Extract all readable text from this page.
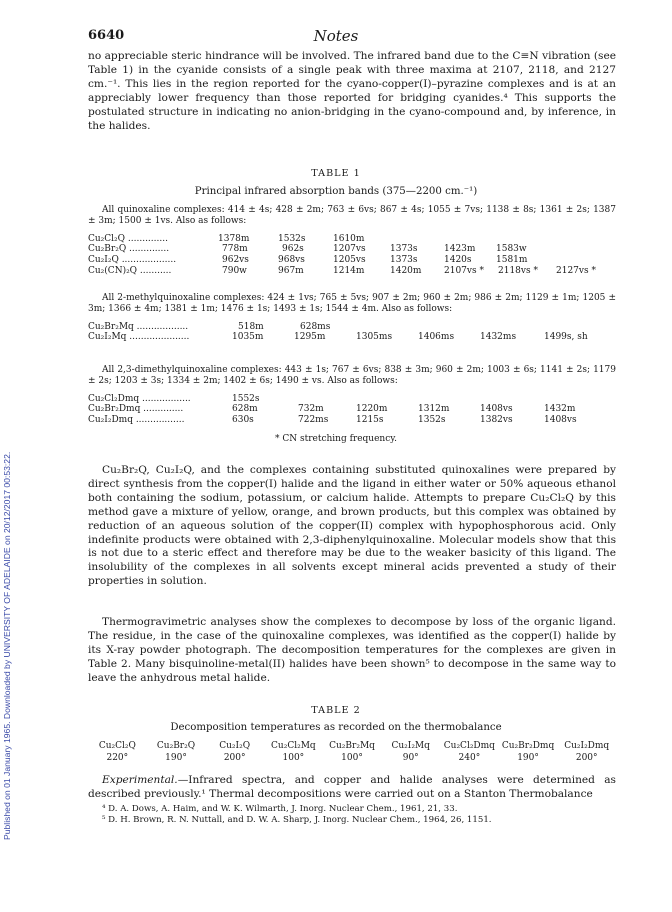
Published on 01 January 1965. Downloaded by UNIVERSITY OF ADELAIDE on 20/12/2017 00:53:22.
6640	Notes

no appreciable steric hindrance will be involved. The infrared band due to the C≡N vibration (see Table 1) in the cyanide consists of a single peak with three maxima at 2107, 2118, and 2127 cm.⁻¹. This lies in the region reported for the cyano-copper(I)–pyrazine complexes and is at an appreciably lower frequency than those reported for bridging cyanides.⁴ This supports the postulated structure in indicating no anion-bridging in the cyano-compound and, by inference, in the halides.

TABLE 1
Principal infrared absorption bands (375—2200 cm.⁻¹)
All quinoxaline complexes: 414 ± 4s; 428 ± 2m; 763 ± 6vs; 867 ± 4s; 1055 ± 7vs; 1138 ± 8s; 1361 ± 2s; 1387 ± 3m; 1500 ± 1vs. Also as follows:
Cu₂Cl₂Q ..............	1378m	1532s	1610m
Cu₂Br₂Q ..............	778m	962s	1207vs	1373s	1423m 1583w
Cu₂I₂Q ...................	962vs	968vs	1205vs	1373s	1420s	1581m
Cu₂(CN)₂Q ...........	790w	967m	1214m	1420m	2107vs * 2118vs * 2127vs *
All 2-methylquinoxaline complexes: 424 ± 1vs; 765 ± 5vs; 907 ± 2m; 960 ± 2m; 986 ± 2m; 1129 ± 1m; 1205 ± 3m; 1366 ± 4m; 1381 ± 1m; 1476 ± 1s; 1493 ± 1s; 1544 ± 4m. Also as follows:
Cu₂Br₂Mq ..................	518m	628ms
Cu₂I₂Mq .....................	1035m	1295m	1305ms	1406ms	1432ms	1499s, sh
All 2,3-dimethylquinoxaline complexes: 443 ± 1s; 767 ± 6vs; 838 ± 3m; 960 ± 2m; 1003 ± 6s; 1141 ± 2s; 1179 ± 2s; 1203 ± 3s; 1334 ± 2m; 1402 ± 6s; 1490 ± vs. Also as follows:
Cu₂Cl₂Dmq .................	1552s
Cu₂Br₂Dmq ..............	628m	732m	1220m	1312m	1408vs	1432m
Cu₂I₂Dmq .................	630s	722ms	1215s	1352s	1382vs	1408vs
* CN stretching frequency.

Cu₂Br₂Q, Cu₂I₂Q, and the complexes containing substituted quinoxalines were prepared by direct synthesis from the copper(I) halide and the ligand in either water or 50% aqueous ethanol both containing the sodium, potassium, or calcium halide. Attempts to prepare Cu₂Cl₂Q by this method gave a mixture of yellow, orange, and brown products, but this complex was obtained by reduction of an aqueous solution of the copper(II) complex with hypophosphorous acid. Only indefinite products were obtained with 2,3-diphenylquinoxaline. Molecular models show that this is not due to a steric effect and therefore may be due to the weaker basicity of this ligand. The insolubility of the complexes in all solvents except mineral acids prevented a study of their properties in solution.

Thermogravimetric analyses show the complexes to decompose by loss of the organic ligand. The residue, in the case of the quinoxaline complexes, was identified as the copper(I) halide by its X-ray powder photograph. The decomposition temperatures for the complexes are given in Table 2. Many bisquinoline-metal(II) halides have been shown⁵ to decompose in the same way to leave the anhydrous metal halide.

TABLE 2
Decomposition temperatures as recorded on the thermobalance
Cu₂Cl₂Q	Cu₂Br₂Q	Cu₂I₂Q	Cu₂Cl₂Mq	Cu₂Br₂Mq	Cu₂I₂Mq	Cu₂Cl₂Dmq Cu₂Br₂Dmq	Cu₂I₂Dmq
220°	190°	200°	100°	100°	90°	240°	190°	200°

Experimental.—Infrared spectra, and copper and halide analyses were determined as described previously.¹ Thermal decompositions were carried out on a Stanton Thermobalance

⁴ D. A. Dows, A. Haim, and W. K. Wilmarth, J. Inorg. Nuclear Chem., 1961, 21, 33.
⁵ D. H. Brown, R. N. Nuttall, and D. W. A. Sharp, J. Inorg. Nuclear Chem., 1964, 26, 1151.
